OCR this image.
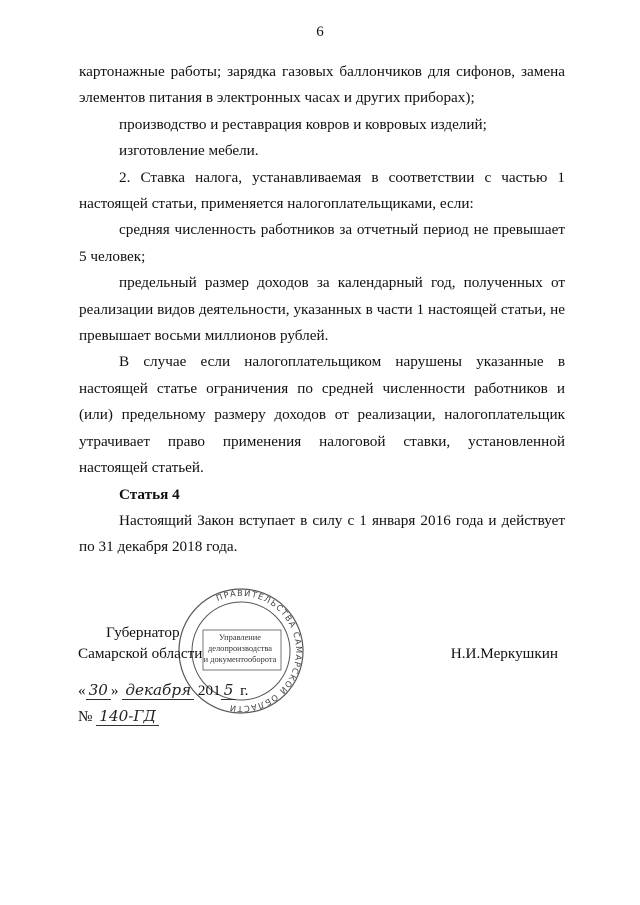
6

картонажные работы; зарядка газовых баллончиков для сифонов, замена элементов питания в электронных часах и других приборах);

производство и реставрация ковров и ковровых изделий;

изготовление мебели.

2. Ставка налога, устанавливаемая в соответствии с частью 1 настоящей статьи, применяется налогоплательщиками, если:

средняя численность работников за отчетный период не превышает 5 человек;

предельный размер доходов за календарный год, полученных от реализации видов деятельности, указанных в части 1 настоящей статьи, не превышает восьми миллионов рублей.

В случае если налогоплательщиком нарушены указанные в настоящей статье ограничения по средней численности работников и (или) предельному размеру доходов от реализации, налогоплательщик утрачивает право применения налоговой ставки, установленной настоящей статьей.

Статья 4

Настоящий Закон вступает в силу с 1 января 2016 года и действует по 31 декабря 2018 года.

ПРАВИТЕЛЬСТВА САМАРСКОЙ ОБЛАСТИ
Управление
делопроизводства
и документооборота
Губернатор
Самарской области	Н.И.Меркушкин
« 30 » декабря 201 5 г.
№ 140-ГД
